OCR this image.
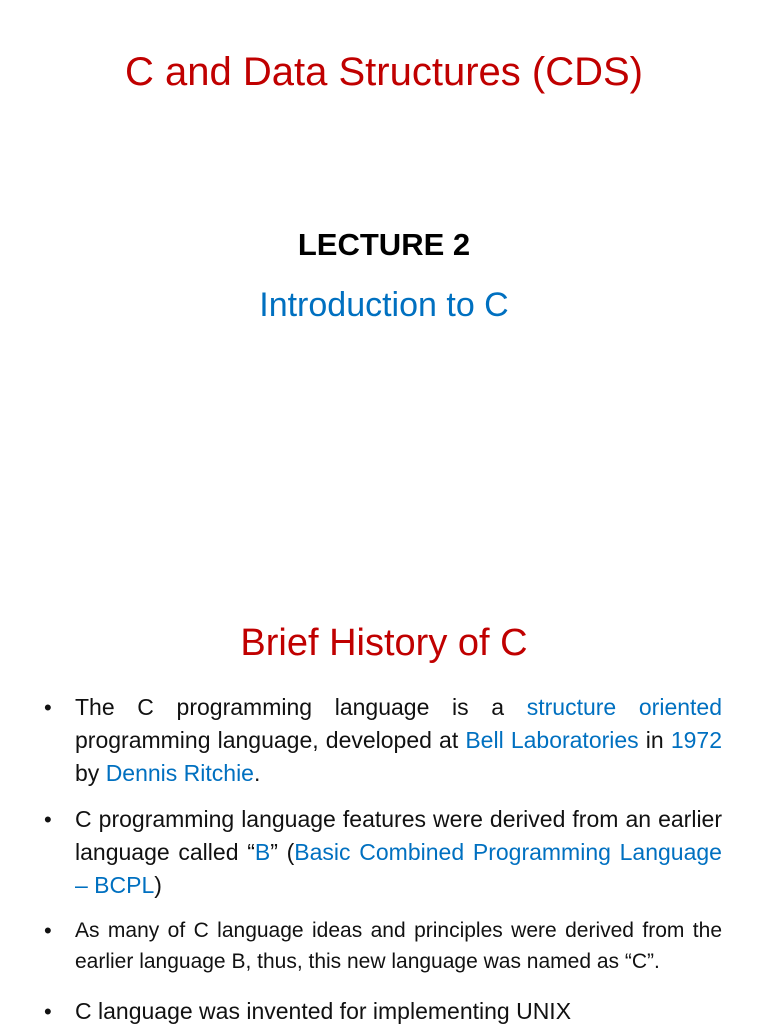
C and Data Structures (CDS)
LECTURE 2
Introduction to C
Brief History of C
• The C programming language is a structure oriented programming language, developed at Bell Laboratories in 1972 by Dennis Ritchie.
• C programming language features were derived from an earlier language called “B” (Basic Combined Programming Language – BCPL)
• As many of C language ideas and principles were derived from the earlier language B, thus, this new language was named as “C”.
• C language was invented for implementing UNIX
